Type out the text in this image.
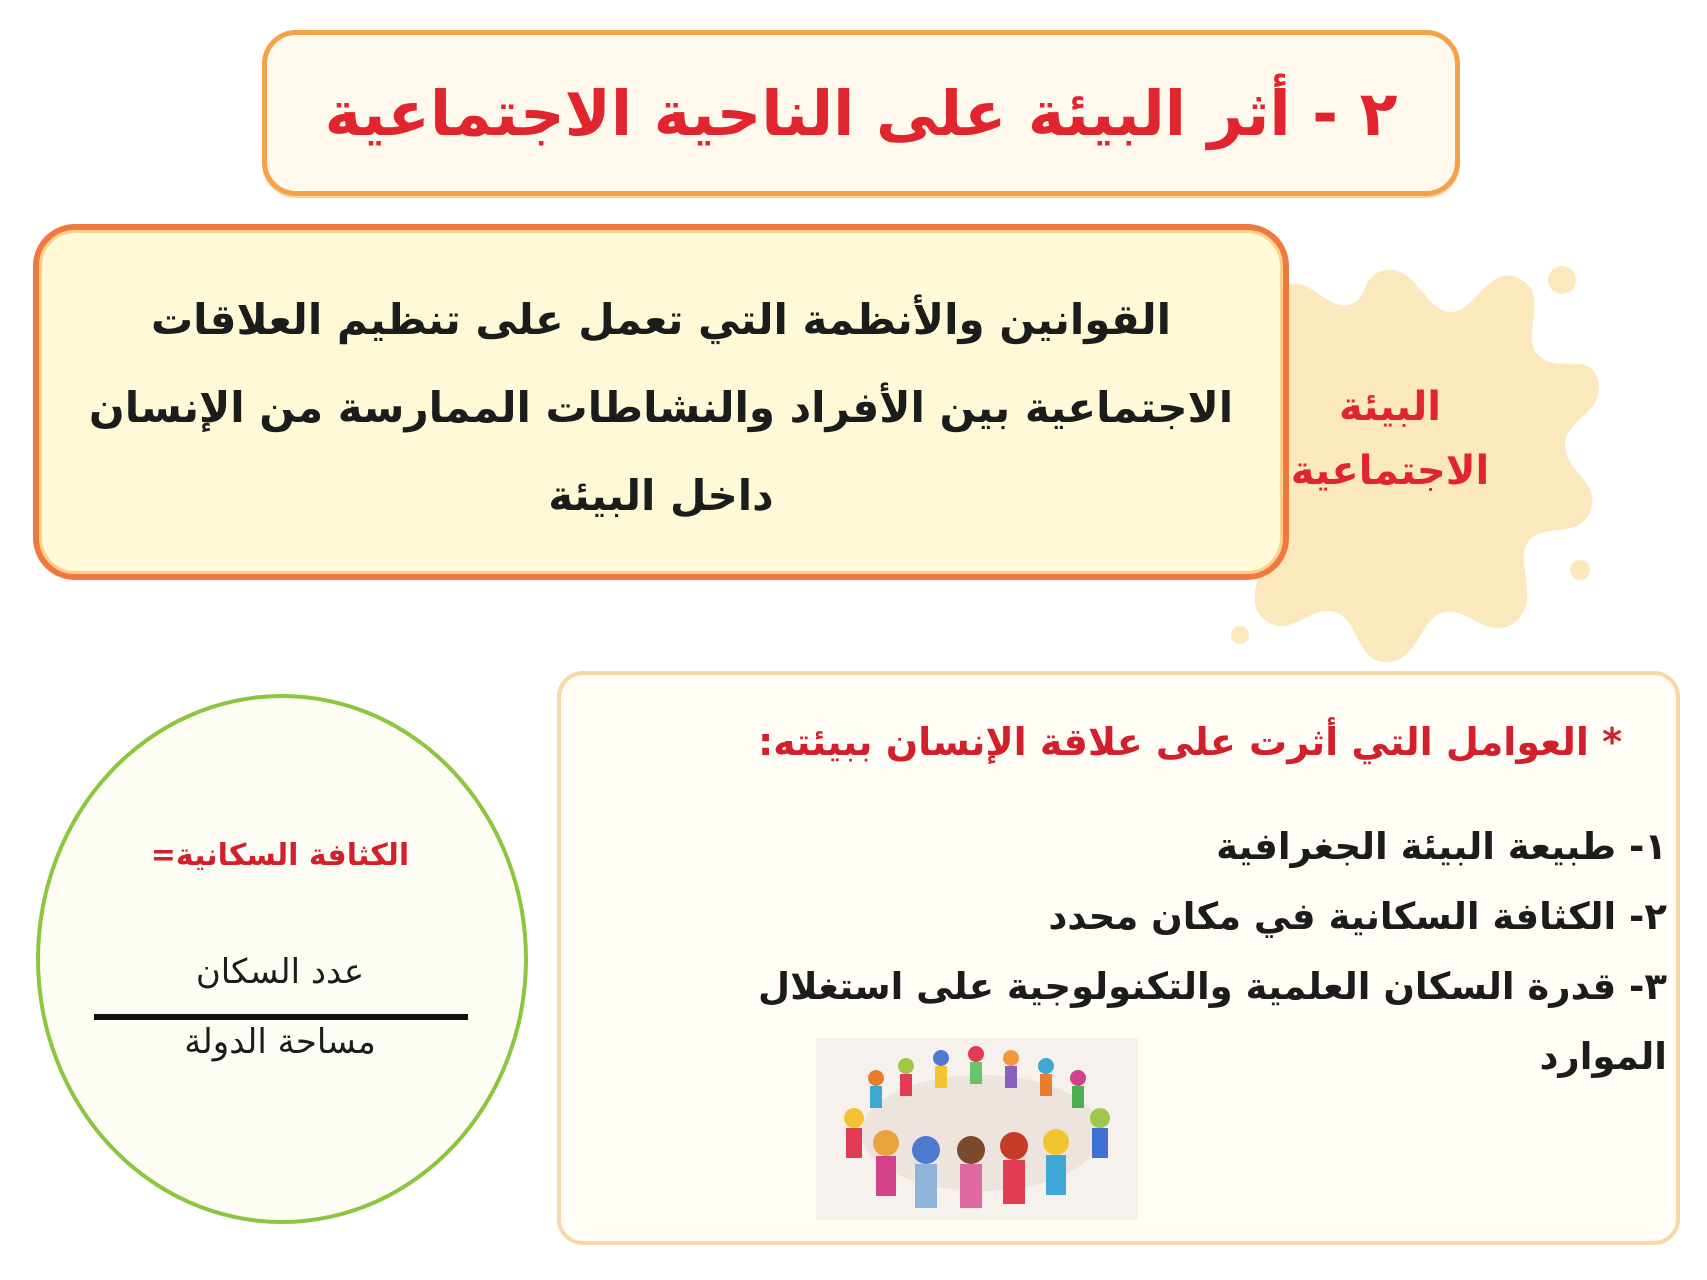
٢ - أثر البيئة على الناحية الاجتماعية
القوانين والأنظمة التي تعمل على تنظيم العلاقات الاجتماعية بين الأفراد والنشاطات الممارسة من الإنسان داخل البيئة
البيئة
الاجتماعية
الكثافة السكانية=
عدد السكان
مساحة الدولة
* العوامل التي أثرت على علاقة الإنسان ببيئته:
١- طبيعة البيئة الجغرافية
٢- الكثافة السكانية في مكان محدد
٣- قدرة السكان العلمية والتكنولوجية على استغلال الموارد
